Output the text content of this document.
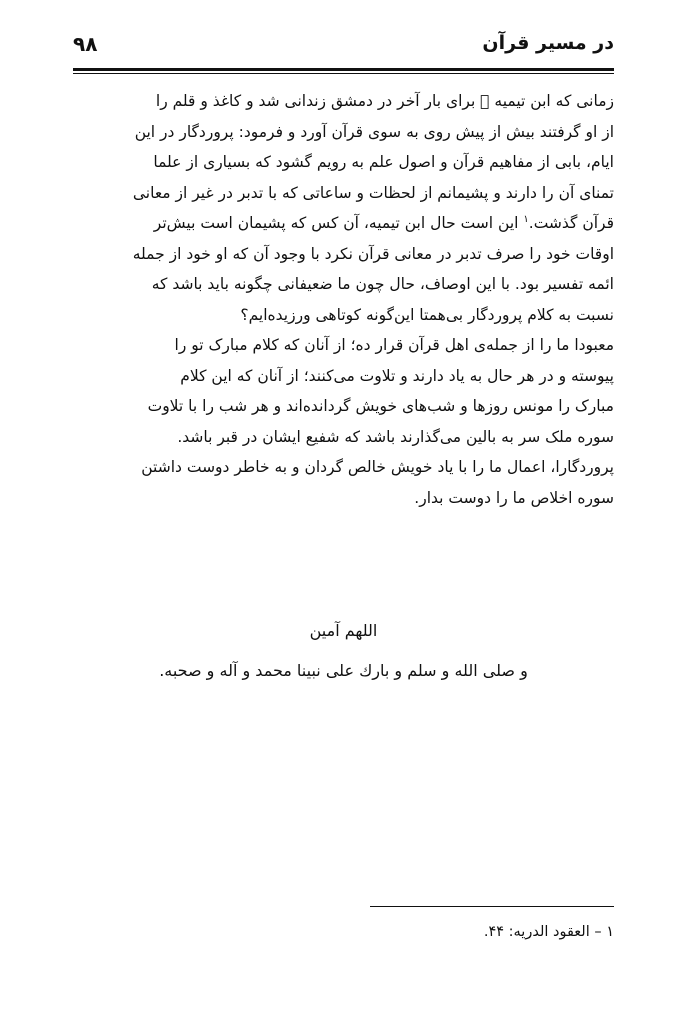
در مسیر قرآن
۹۸

زمانی که ابن تیمیه ﷬ برای بار آخر در دمشق زندانی شد و کاغذ و قلم را
از او گرفتند بیش از پیش روی به سوی قرآن آورد و فرمود: پروردگار در این
ایام، بابی از مفاهیم قرآن و اصول علم به رویم گشود که بسیاری از علما
تمنای آن را دارند و پشیمانم از لحظات و ساعاتی که با تدبر در غیر از معانی
قرآن گذشت.$^۱$ این است حال ابن تیمیه، آن کس که پشیمان است بیش‌تر
اوقات خود را صرف تدبر در معانی قرآن نکرد با وجود آن که او خود از جمله
ائمه تفسیر بود. با این اوصاف، حال چون ما ضعیفانی چگونه باید باشد که
نسبت به کلام پروردگار بی‌همتا این‌گونه کوتاهی ورزیده‌ایم؟

معبودا ما را از جمله‌ی اهل قرآن قرار ده؛ از آنان که کلام مبارک تو را
پیوسته و در هر حال به یاد دارند و تلاوت می‌کنند؛ از آنان که این کلام
مبارک را مونس روزها و شب‌های خویش گردانده‌اند و هر شب را با تلاوت
سوره ملک سر به بالین می‌گذارند باشد که شفیع ایشان در قبر باشد.
پروردگارا، اعمال ما را با یاد خویش خالص گردان و به خاطر دوست داشتن
سوره اخلاص ما را دوست بدار.

اللهم آمین
و صلى الله و سلم و بارك علی نبینا محمد و آله و صحبه.
۱ – العقود الدریه: ۴۴.
